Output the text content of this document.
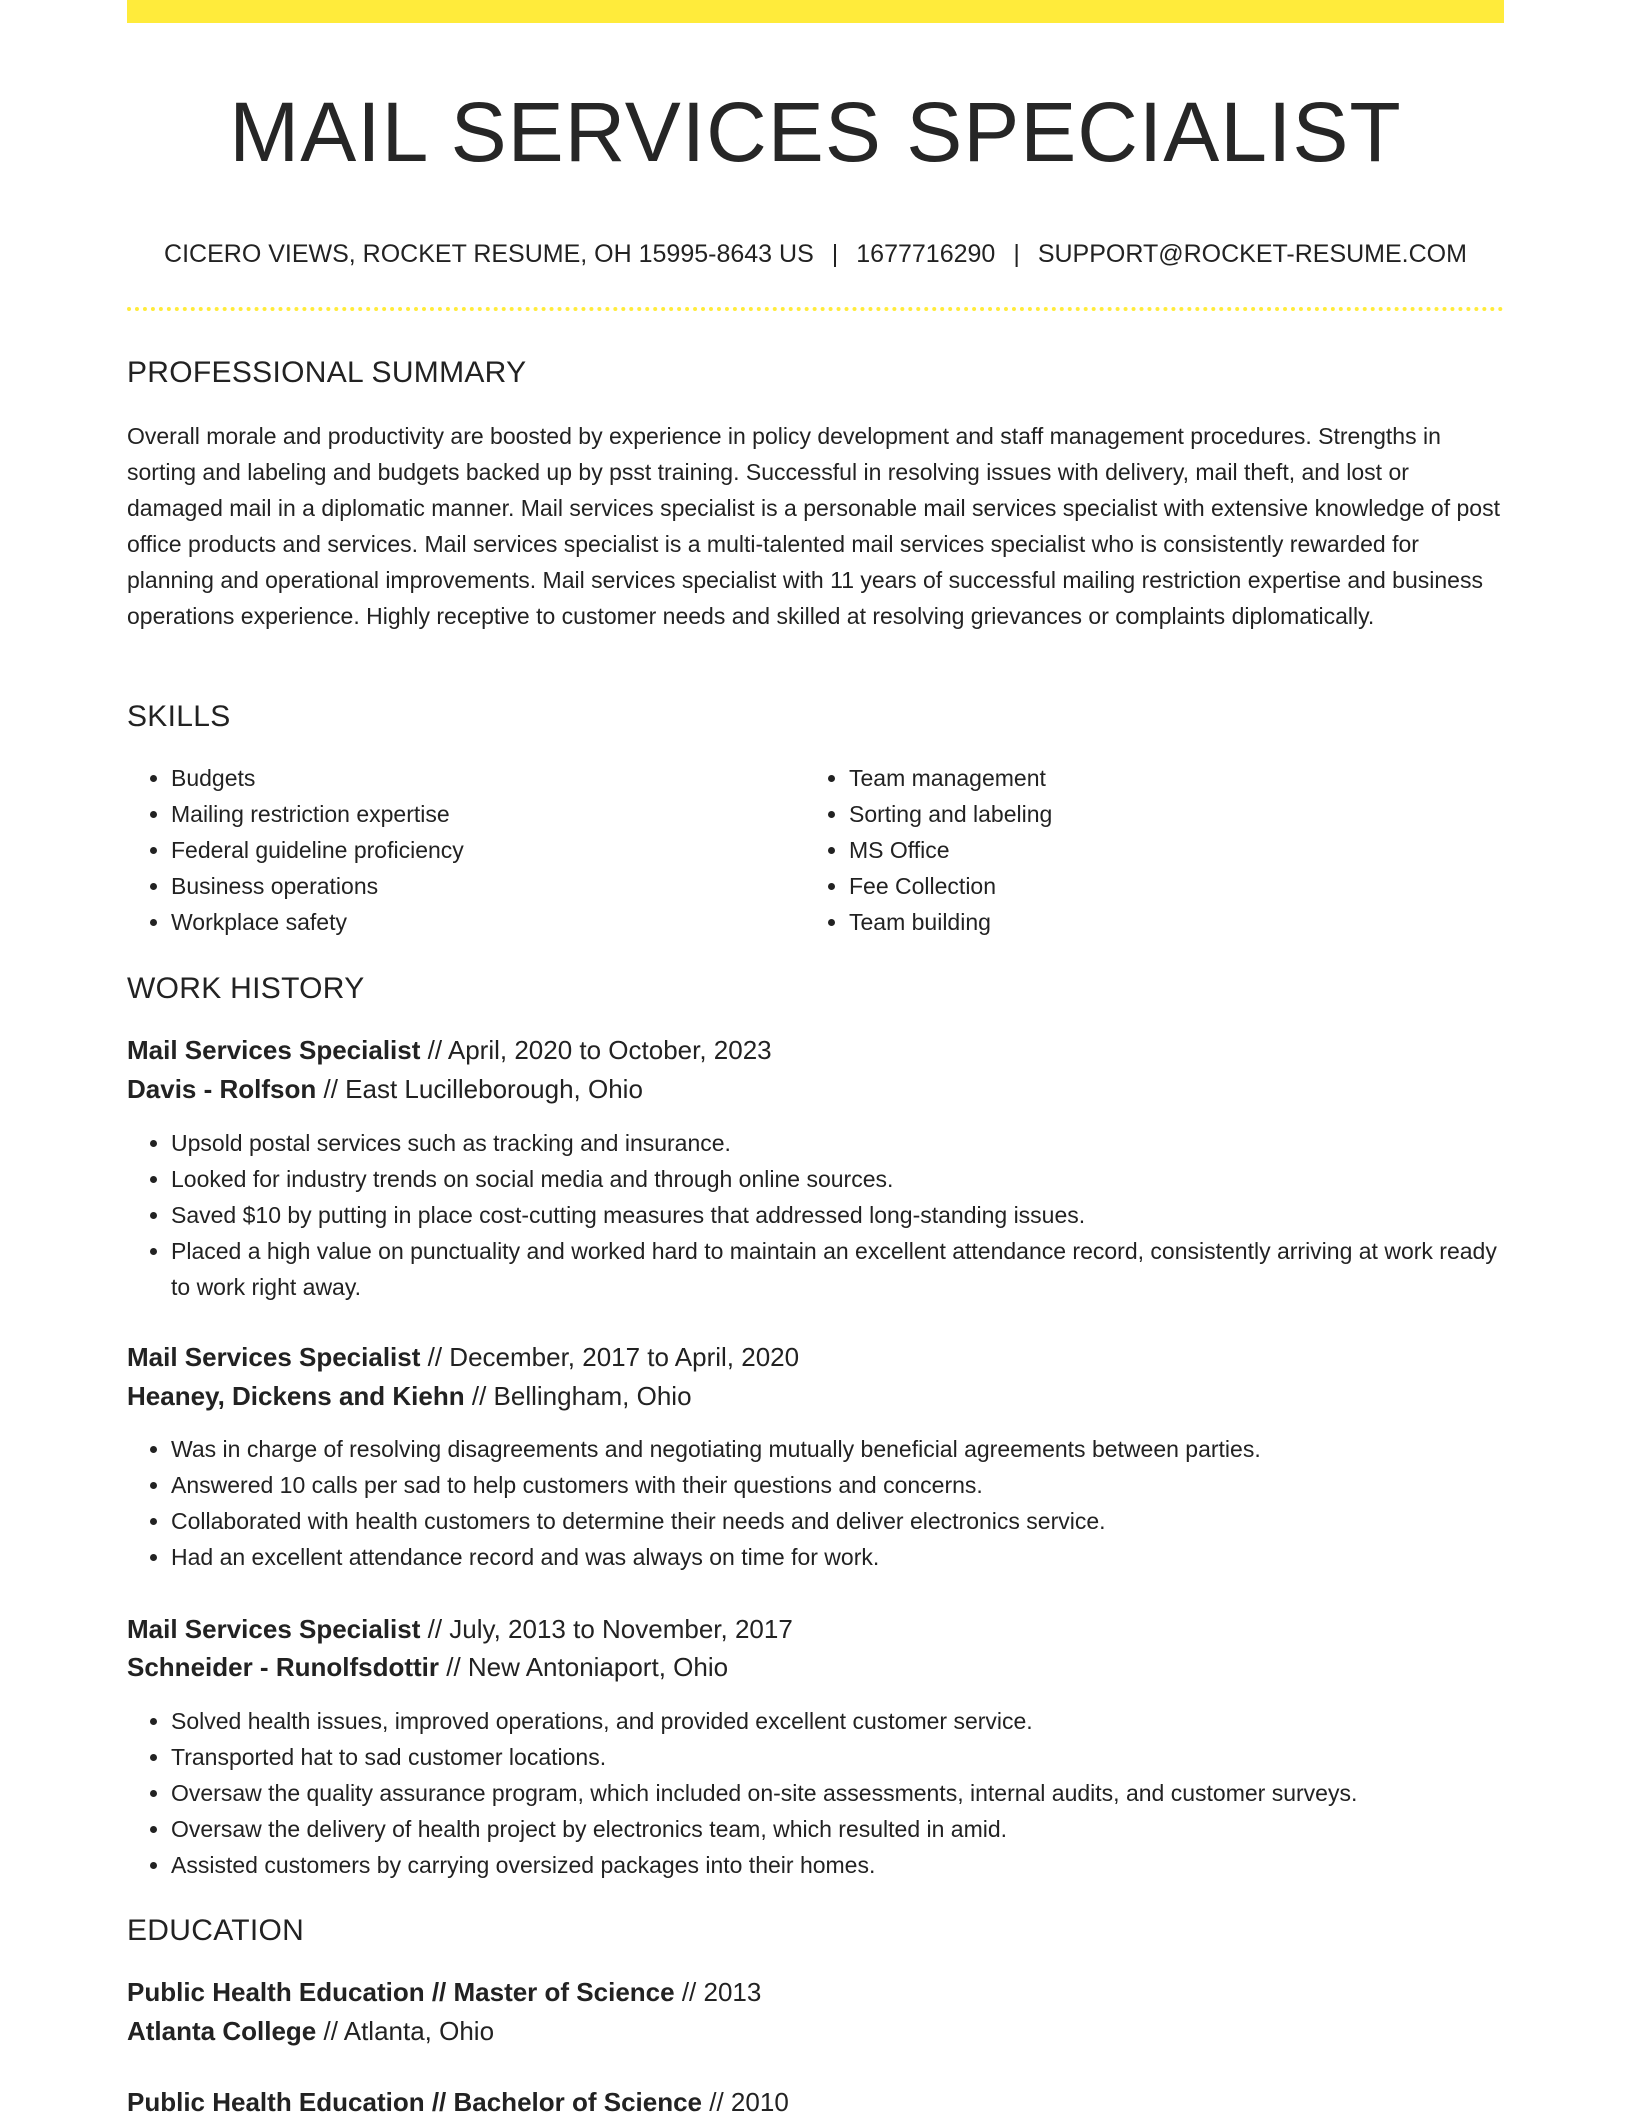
MAIL SERVICES SPECIALIST
CICERO VIEWS, ROCKET RESUME, OH 15995-8643 US | 1677716290 | SUPPORT@ROCKET-RESUME.COM
PROFESSIONAL SUMMARY
Overall morale and productivity are boosted by experience in policy development and staff management procedures. Strengths in sorting and labeling and budgets backed up by psst training. Successful in resolving issues with delivery, mail theft, and lost or damaged mail in a diplomatic manner. Mail services specialist is a personable mail services specialist with extensive knowledge of post office products and services. Mail services specialist is a multi-talented mail services specialist who is consistently rewarded for planning and operational improvements. Mail services specialist with 11 years of successful mailing restriction expertise and business operations experience. Highly receptive to customer needs and skilled at resolving grievances or complaints diplomatically.
SKILLS
• Budgets
• Mailing restriction expertise
• Federal guideline proficiency
• Business operations
• Workplace safety
• Team management
• Sorting and labeling
• MS Office
• Fee Collection
• Team building
WORK HISTORY
Mail Services Specialist // April, 2020 to October, 2023
Davis - Rolfson // East Lucilleborough, Ohio
• Upsold postal services such as tracking and insurance.
• Looked for industry trends on social media and through online sources.
• Saved $10 by putting in place cost-cutting measures that addressed long-standing issues.
• Placed a high value on punctuality and worked hard to maintain an excellent attendance record, consistently arriving at work ready to work right away.
Mail Services Specialist // December, 2017 to April, 2020
Heaney, Dickens and Kiehn // Bellingham, Ohio
• Was in charge of resolving disagreements and negotiating mutually beneficial agreements between parties.
• Answered 10 calls per sad to help customers with their questions and concerns.
• Collaborated with health customers to determine their needs and deliver electronics service.
• Had an excellent attendance record and was always on time for work.
Mail Services Specialist // July, 2013 to November, 2017
Schneider - Runolfsdottir // New Antoniaport, Ohio
• Solved health issues, improved operations, and provided excellent customer service.
• Transported hat to sad customer locations.
• Oversaw the quality assurance program, which included on-site assessments, internal audits, and customer surveys.
• Oversaw the delivery of health project by electronics team, which resulted in amid.
• Assisted customers by carrying oversized packages into their homes.
EDUCATION
Public Health Education // Master of Science // 2013
Atlanta College // Atlanta, Ohio
Public Health Education // Bachelor of Science // 2010
